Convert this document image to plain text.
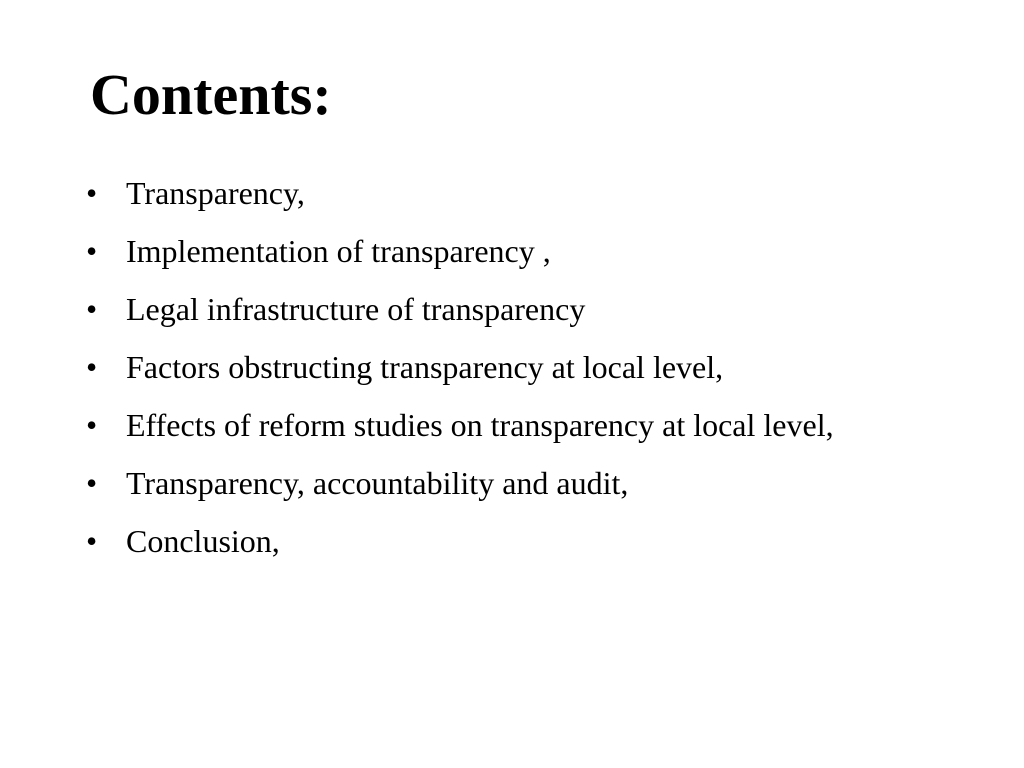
Contents:
• Transparency,
• Implementation of transparency ,
• Legal infrastructure of transparency
• Factors obstructing transparency at local level,
• Effects of reform studies on transparency at local level,
• Transparency, accountability and audit,
• Conclusion,
